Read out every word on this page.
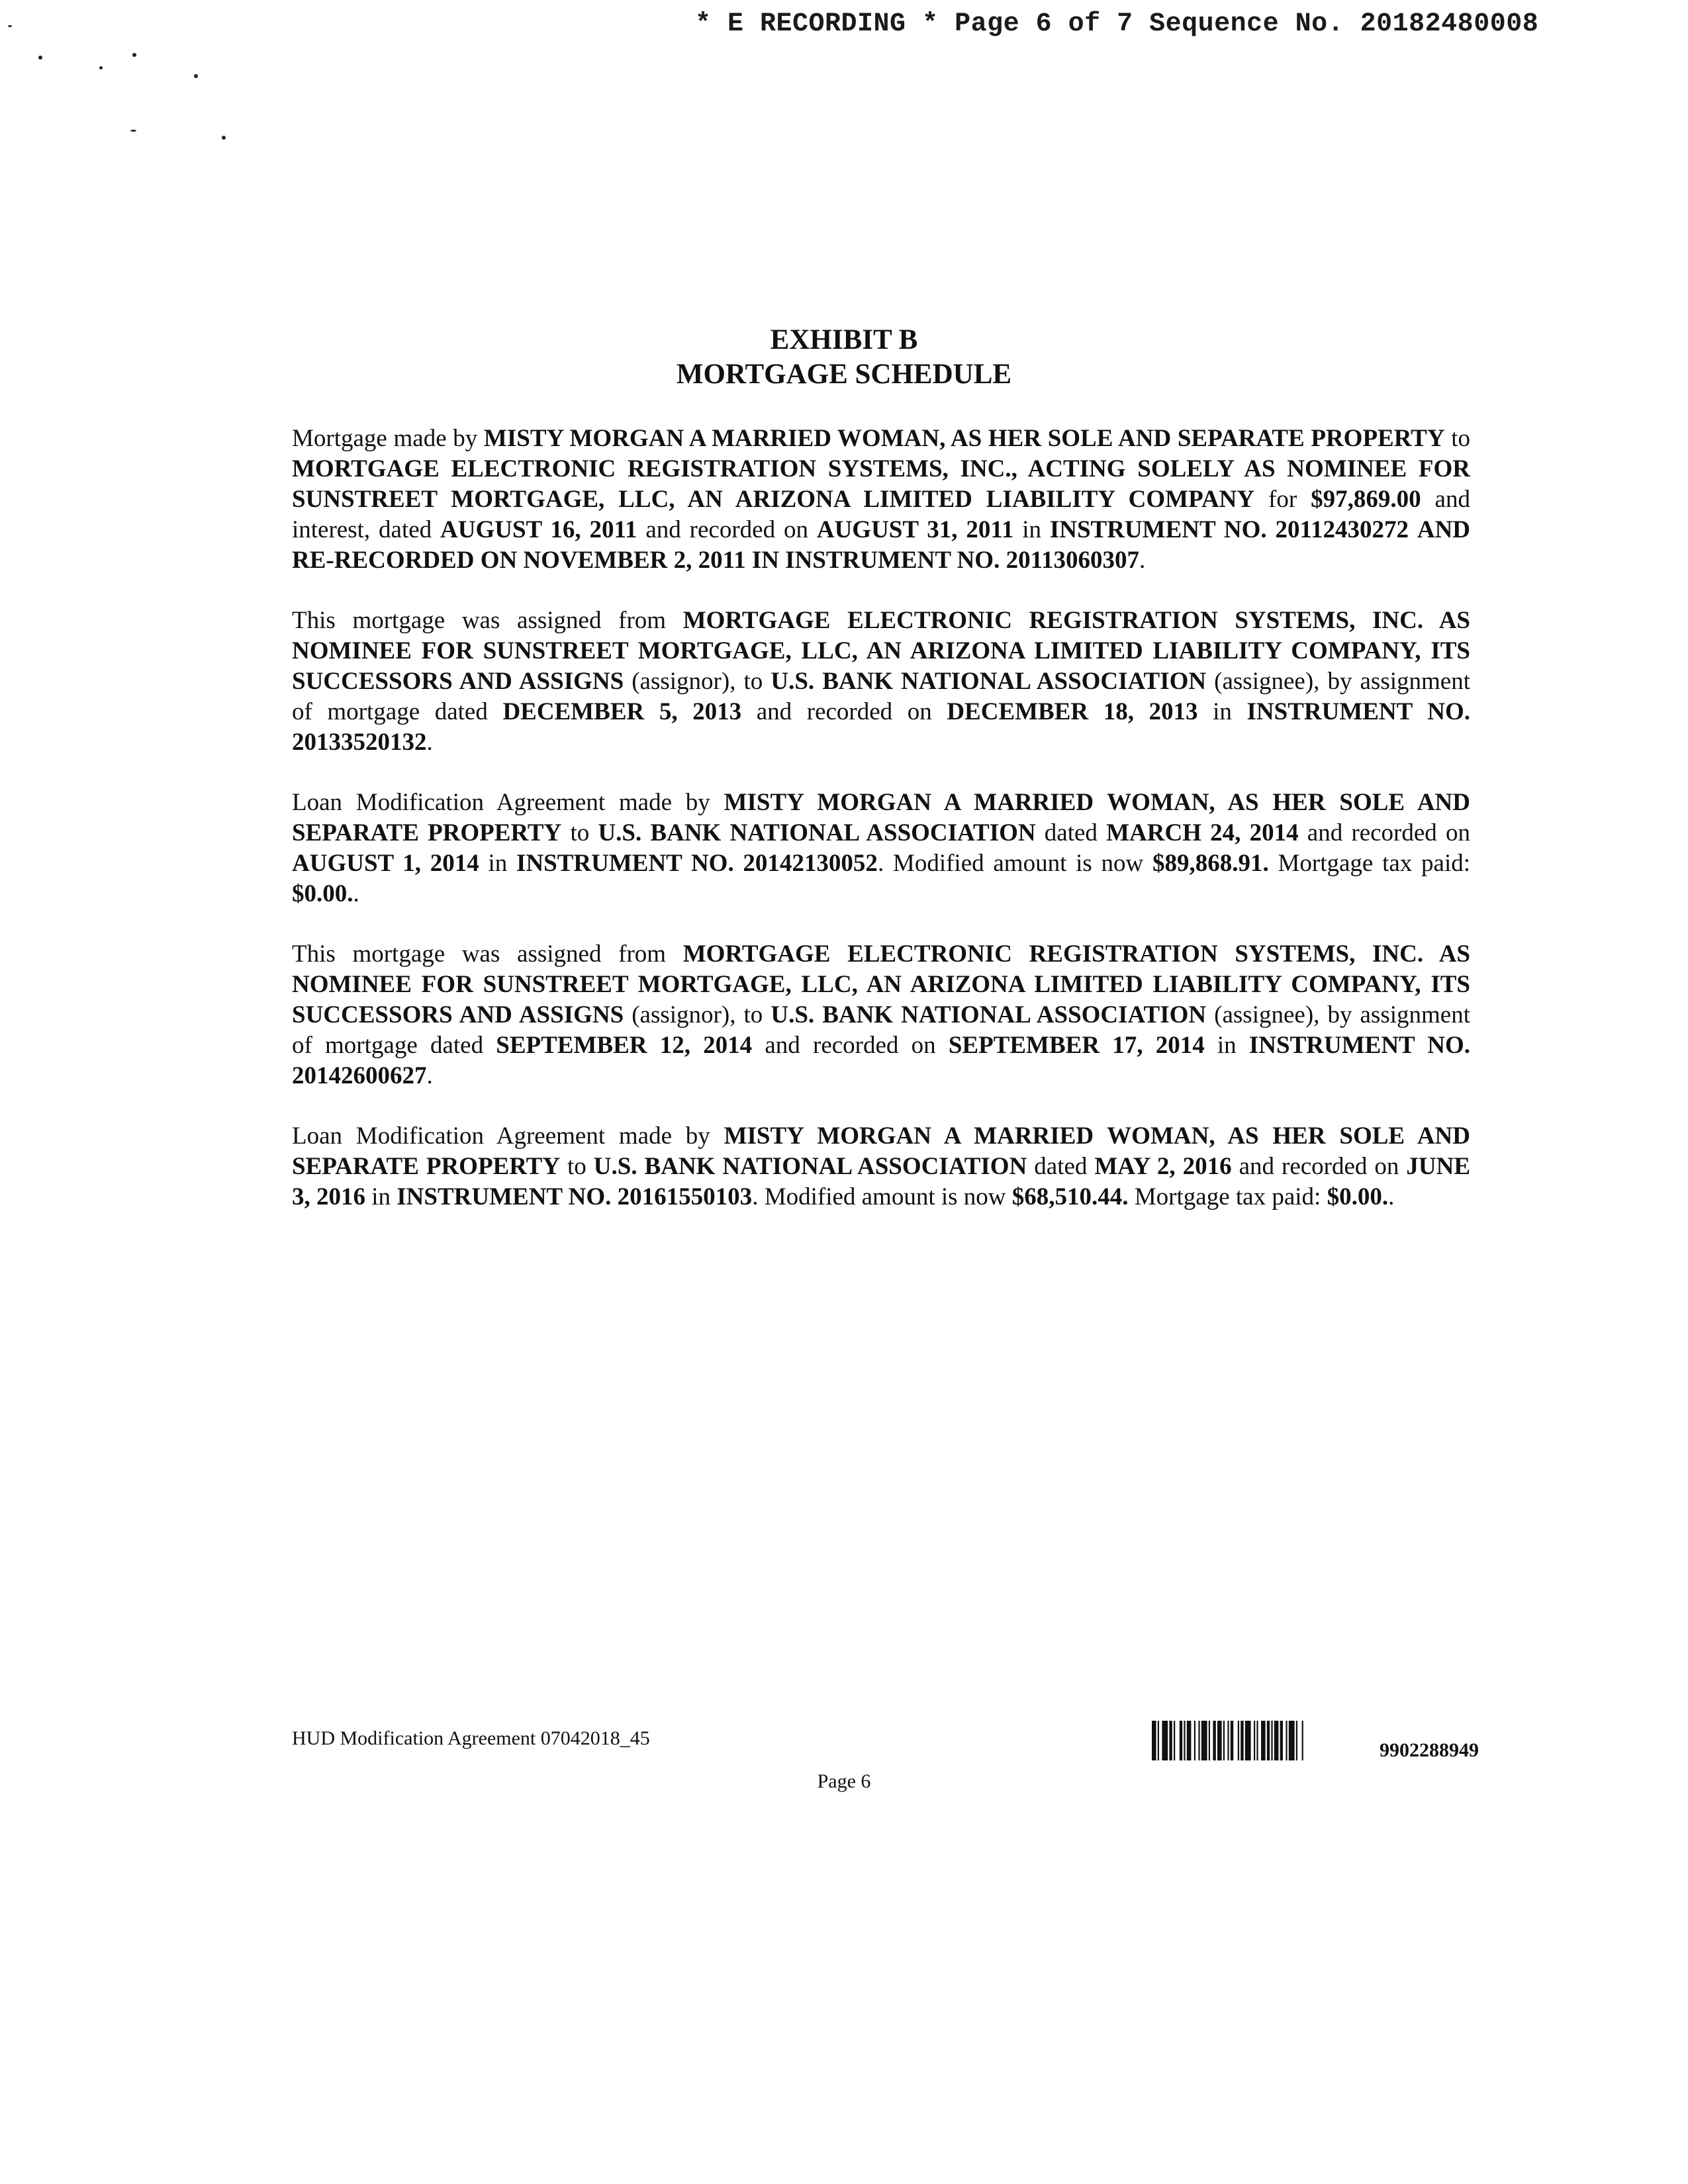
* E RECORDING * Page 6 of 7 Sequence No. 20182480008
EXHIBIT B
MORTGAGE SCHEDULE

Mortgage made by MISTY MORGAN A MARRIED WOMAN, AS HER SOLE AND SEPARATE PROPERTY to MORTGAGE ELECTRONIC REGISTRATION SYSTEMS, INC., ACTING SOLELY AS NOMINEE FOR SUNSTREET MORTGAGE, LLC, AN ARIZONA LIMITED LIABILITY COMPANY for $97,869.00 and interest, dated AUGUST 16, 2011 and recorded on AUGUST 31, 2011 in INSTRUMENT NO. 20112430272 AND RE-RECORDED ON NOVEMBER 2, 2011 IN INSTRUMENT NO. 20113060307.

This mortgage was assigned from MORTGAGE ELECTRONIC REGISTRATION SYSTEMS, INC. AS NOMINEE FOR SUNSTREET MORTGAGE, LLC, AN ARIZONA LIMITED LIABILITY COMPANY, ITS SUCCESSORS AND ASSIGNS (assignor), to U.S. BANK NATIONAL ASSOCIATION (assignee), by assignment of mortgage dated DECEMBER 5, 2013 and recorded on DECEMBER 18, 2013 in INSTRUMENT NO. 20133520132.

Loan Modification Agreement made by MISTY MORGAN A MARRIED WOMAN, AS HER SOLE AND SEPARATE PROPERTY to U.S. BANK NATIONAL ASSOCIATION dated MARCH 24, 2014 and recorded on AUGUST 1, 2014 in INSTRUMENT NO. 20142130052. Modified amount is now $89,868.91. Mortgage tax paid: $0.00..

This mortgage was assigned from MORTGAGE ELECTRONIC REGISTRATION SYSTEMS, INC. AS NOMINEE FOR SUNSTREET MORTGAGE, LLC, AN ARIZONA LIMITED LIABILITY COMPANY, ITS SUCCESSORS AND ASSIGNS (assignor), to U.S. BANK NATIONAL ASSOCIATION (assignee), by assignment of mortgage dated SEPTEMBER 12, 2014 and recorded on SEPTEMBER 17, 2014 in INSTRUMENT NO. 20142600627.

Loan Modification Agreement made by MISTY MORGAN A MARRIED WOMAN, AS HER SOLE AND SEPARATE PROPERTY to U.S. BANK NATIONAL ASSOCIATION dated MAY 2, 2016 and recorded on JUNE 3, 2016 in INSTRUMENT NO. 20161550103. Modified amount is now $68,510.44. Mortgage tax paid: $0.00..

HUD Modification Agreement 07042018_45
9902288949
Page 6
